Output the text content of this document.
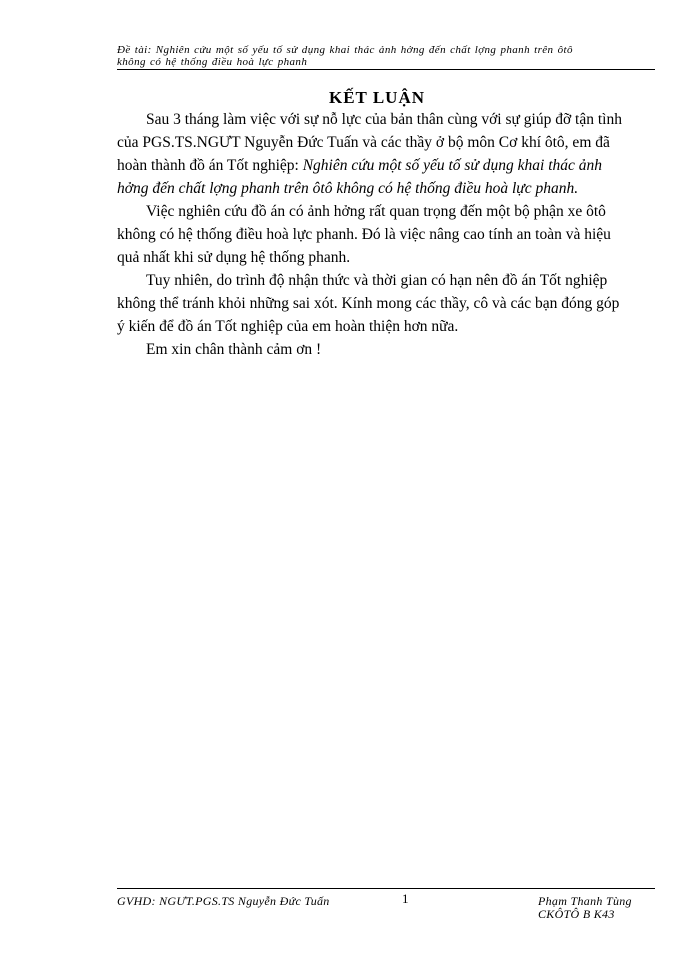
Đề tài: Nghiên cứu một số yếu tố sử dụng khai thác ảnh hởng đến chất lợng phanh trên ôtô
không có hệ thống điều hoà lực phanh
KẾT LUẬN

Sau 3 tháng làm việc với sự nỗ lực của bản thân cùng với sự giúp đỡ tận tình
của PGS.TS.NGƯT Nguyễn Đức Tuấn và các thầy ở bộ môn Cơ khí ôtô, em đã
hoàn thành đồ án Tốt nghiệp: Nghiên cứu một số yếu tố sử dụng khai thác ảnh
hởng đến chất lợng phanh trên ôtô không có hệ thống điều hoà lực phanh.

Việc nghiên cứu đồ án có ảnh hởng rất quan trọng đến một bộ phận xe ôtô
không có hệ thống điều hoà lực phanh. Đó là việc nâng cao tính an toàn và hiệu
quả nhất khi sử dụng hệ thống phanh.

Tuy nhiên, do trình độ nhận thức và thời gian có hạn nên đồ án Tốt nghiệp
không thể tránh khỏi những sai xót. Kính mong các thầy, cô và các bạn đóng góp
ý kiến để đồ án Tốt nghiệp của em hoàn thiện hơn nữa.

Em xin chân thành cảm ơn !

GVHD: NGƯT.PGS.TS Nguyễn Đức Tuấn	1	Phạm Thanh Tùng
CKÔTÔ B K43
